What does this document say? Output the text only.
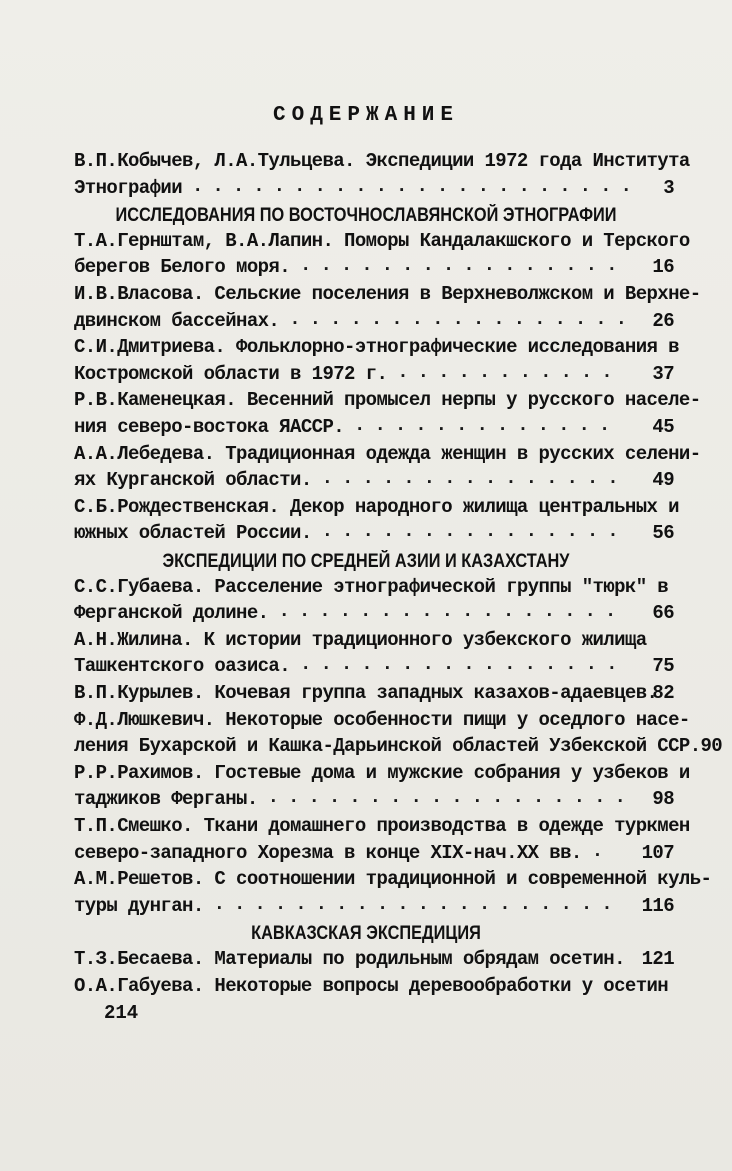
СОДЕРЖАНИЕ
В.П.Кобычев, Л.А.Тульцева. Экспедиции 1972 года Института
Этнографии	3
......................
ИССЛЕДОВАНИЯ ПО ВОСТОЧНОСЛАВЯНСКОЙ ЭТНОГРАФИИ
Т.А.Гернштам, В.А.Лапин. Поморы Кандалакшского и Терского
берегов Белого моря.	16
................
И.В.Власова. Сельские поселения в Верхневолжском и Верхне-
двинском бассейнах.	26
.................
С.И.Дмитриева. Фольклорно-этнографические исследования в
Костромской области в 1972 г.	37
...........
Р.В.Каменецкая. Весенний промысел нерпы у русского населе-
ния северо-востока ЯАССР.	45
.............
А.А.Лебедева. Традиционная одежда женщин в русских селени-
ях Курганской области.	49
...............
С.Б.Рождественская. Декор народного жилища центральных и
южных областей России.	56
...............
ЭКСПЕДИЦИИ ПО СРЕДНЕЙ АЗИИ И КАЗАХСТАНУ
С.С.Губаева. Расселение этнографической группы "тюрк" в
Ферганской долине.	66
.................
А.Н.Жилина. К истории традиционного узбекского жилища
Ташкентского оазиса.	75
................
В.П.Курылев. Кочевая группа западных казахов-адаевцев.
82
Ф.Д.Люшкевич. Некоторые особенности пищи у оседлого насе-
ления Бухарской и Кашка-Дарьинской областей Узбекской ССР.90
Р.Р.Рахимов. Гостевые дома и мужские собрания у узбеков и
таджиков Ферганы.	98
..................
Т.П.Смешко. Ткани домашнего производства в одежде туркмен
северо-западного Хорезма в конце XIX-нач.XX вв.	107
.
А.М.Решетов. С соотношении традиционной и современной куль-
туры дунган.	116
....................
КАВКАЗСКАЯ ЭКСПЕДИЦИЯ
Т.З.Бесаева. Материалы по родильным обрядам осетин. 121
О.А.Габуева. Некоторые вопросы деревообработки у осетин
214
